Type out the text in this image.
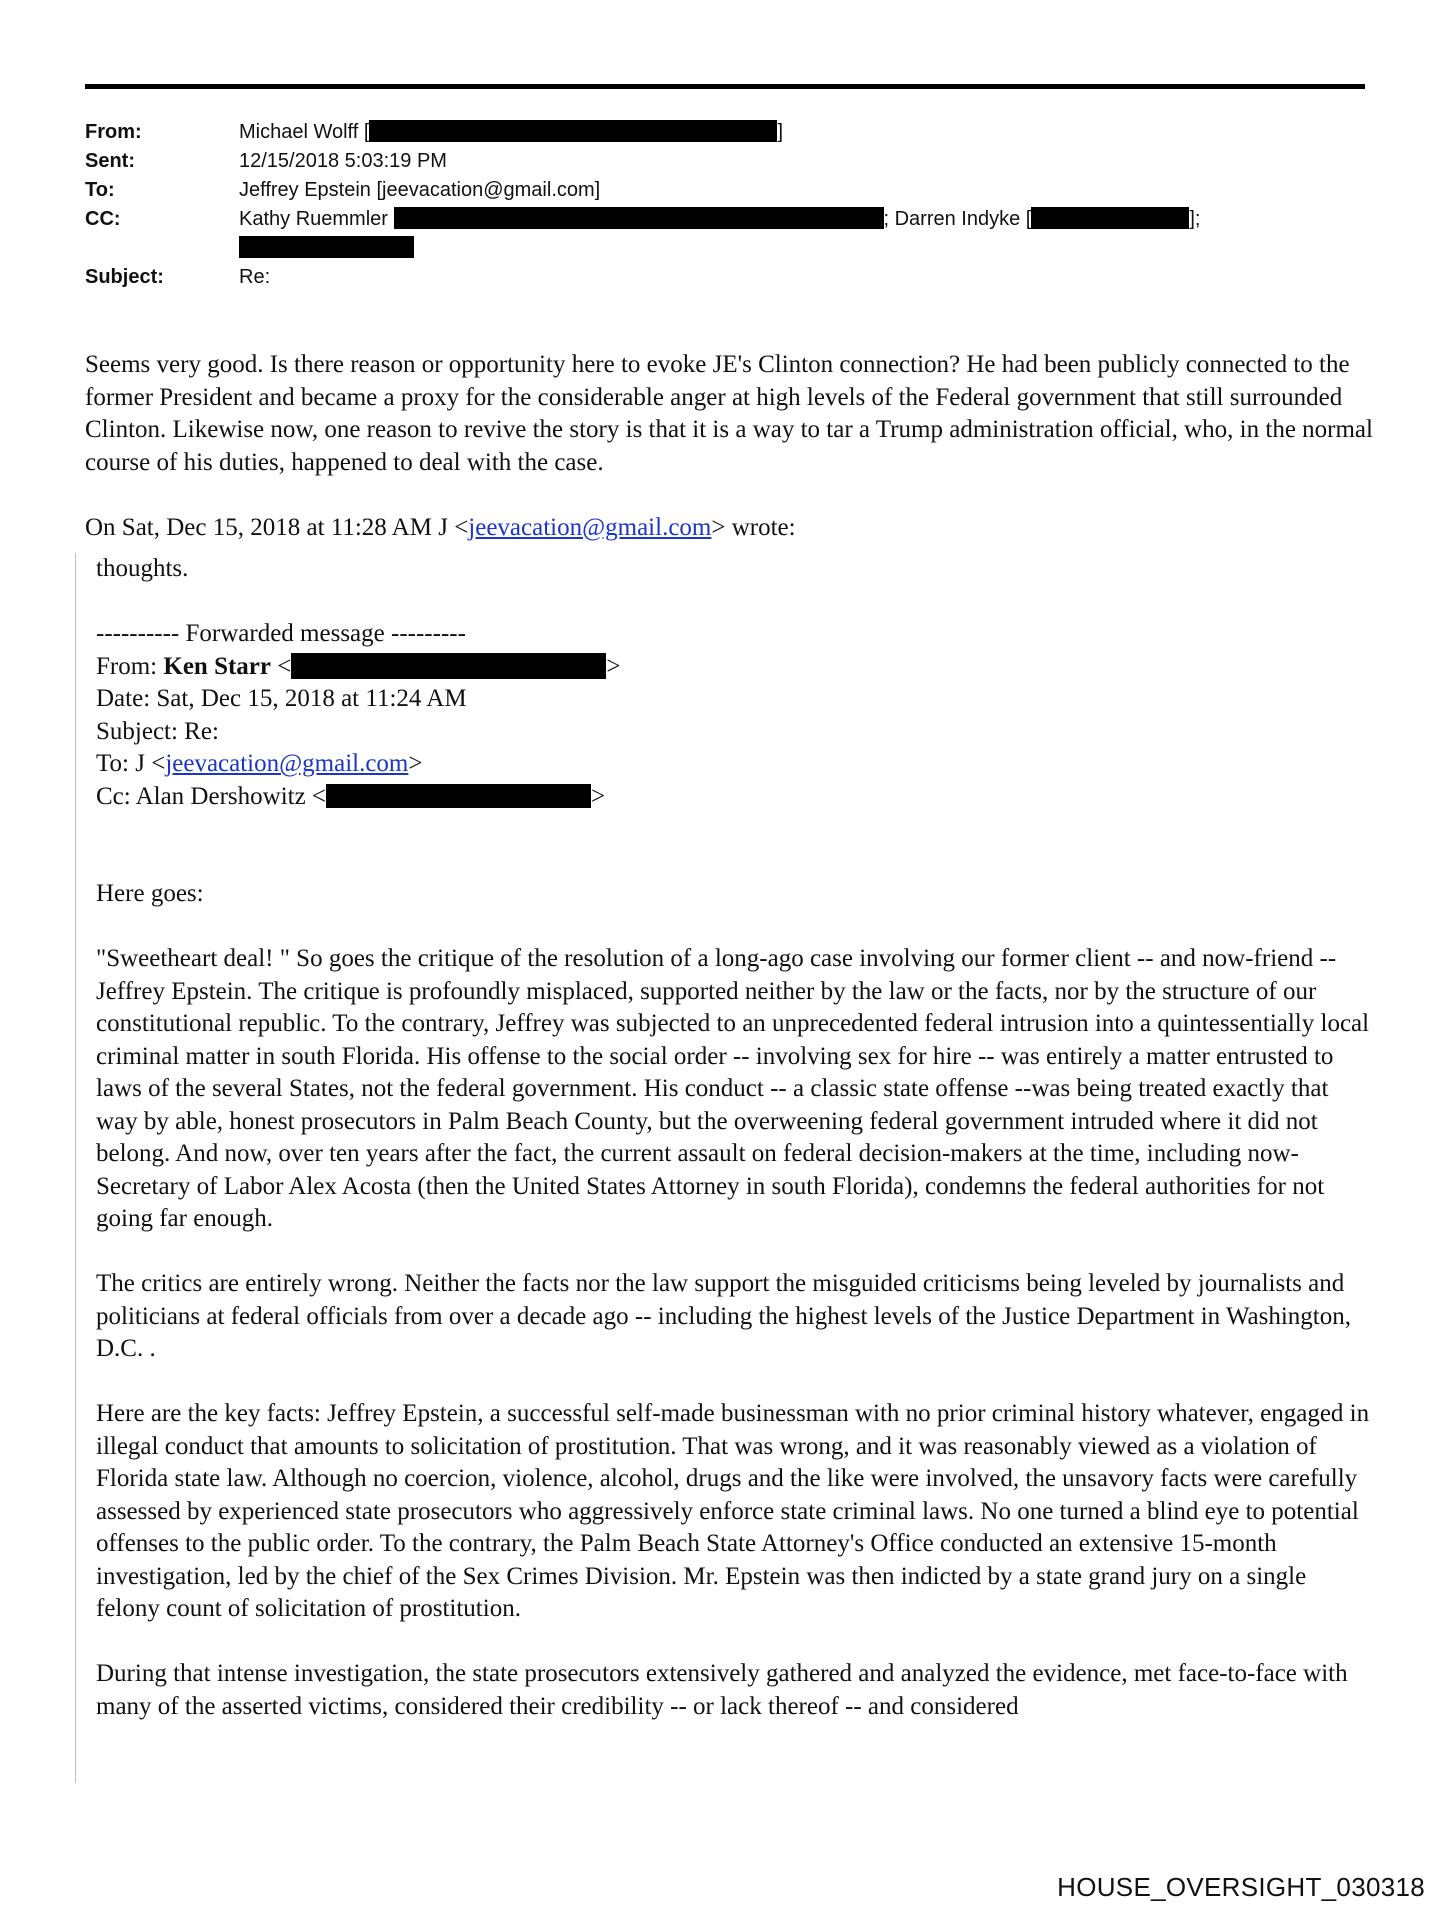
From:	Michael Wolff [	]
Sent:	12/15/2018 5:03:19 PM
To:	Jeffrey Epstein [jeevacation@gmail.com]
CC:	Kathy Ruemmler	; Darren Indyke [	];
Subject:	Re:

Seems very good. Is there reason or opportunity here to evoke JE's Clinton connection? He had been publicly connected to the former President and became a proxy for the considerable anger at high levels of the Federal government that still surrounded Clinton. Likewise now, one reason to revive the story is that it is a way to tar a Trump administration official, who, in the normal course of his duties, happened to deal with the case.

On Sat, Dec 15, 2018 at 11:28 AM J <jeevacation@gmail.com> wrote:

thoughts.

---------- Forwarded message ---------

From: Ken Starr <	>

Date: Sat, Dec 15, 2018 at 11:24 AM

Subject: Re:

To: J <jeevacation@gmail.com>

Cc: Alan Dershowitz <	>

Here goes:

"Sweetheart deal! " So goes the critique of the resolution of a long-ago case involving our former client -- and now-friend -- Jeffrey Epstein. The critique is profoundly misplaced, supported neither by the law or the facts, nor by the structure of our constitutional republic. To the contrary, Jeffrey was subjected to an unprecedented federal intrusion into a quintessentially local criminal matter in south Florida. His offense to the social order -- involving sex for hire -- was entirely a matter entrusted to laws of the several States, not the federal government. His conduct -- a classic state offense --was being treated exactly that way by able, honest prosecutors in Palm Beach County, but the overweening federal government intruded where it did not belong. And now, over ten years after the fact, the current assault on federal decision-makers at the time, including now-Secretary of Labor Alex Acosta (then the United States Attorney in south Florida), condemns the federal authorities for not going far enough.

The critics are entirely wrong. Neither the facts nor the law support the misguided criticisms being leveled by journalists and politicians at federal officials from over a decade ago -- including the highest levels of the Justice Department in Washington, D.C. .

Here are the key facts: Jeffrey Epstein, a successful self-made businessman with no prior criminal history whatever, engaged in illegal conduct that amounts to solicitation of prostitution. That was wrong, and it was reasonably viewed as a violation of Florida state law. Although no coercion, violence, alcohol, drugs and the like were involved, the unsavory facts were carefully assessed by experienced state prosecutors who aggressively enforce state criminal laws. No one turned a blind eye to potential offenses to the public order. To the contrary, the Palm Beach State Attorney's Office conducted an extensive 15-month investigation, led by the chief of the Sex Crimes Division. Mr. Epstein was then indicted by a state grand jury on a single felony count of solicitation of prostitution.

During that intense investigation, the state prosecutors extensively gathered and analyzed the evidence, met face-to-face with many of the asserted victims, considered their credibility -- or lack thereof -- and considered

HOUSE_OVERSIGHT_030318
